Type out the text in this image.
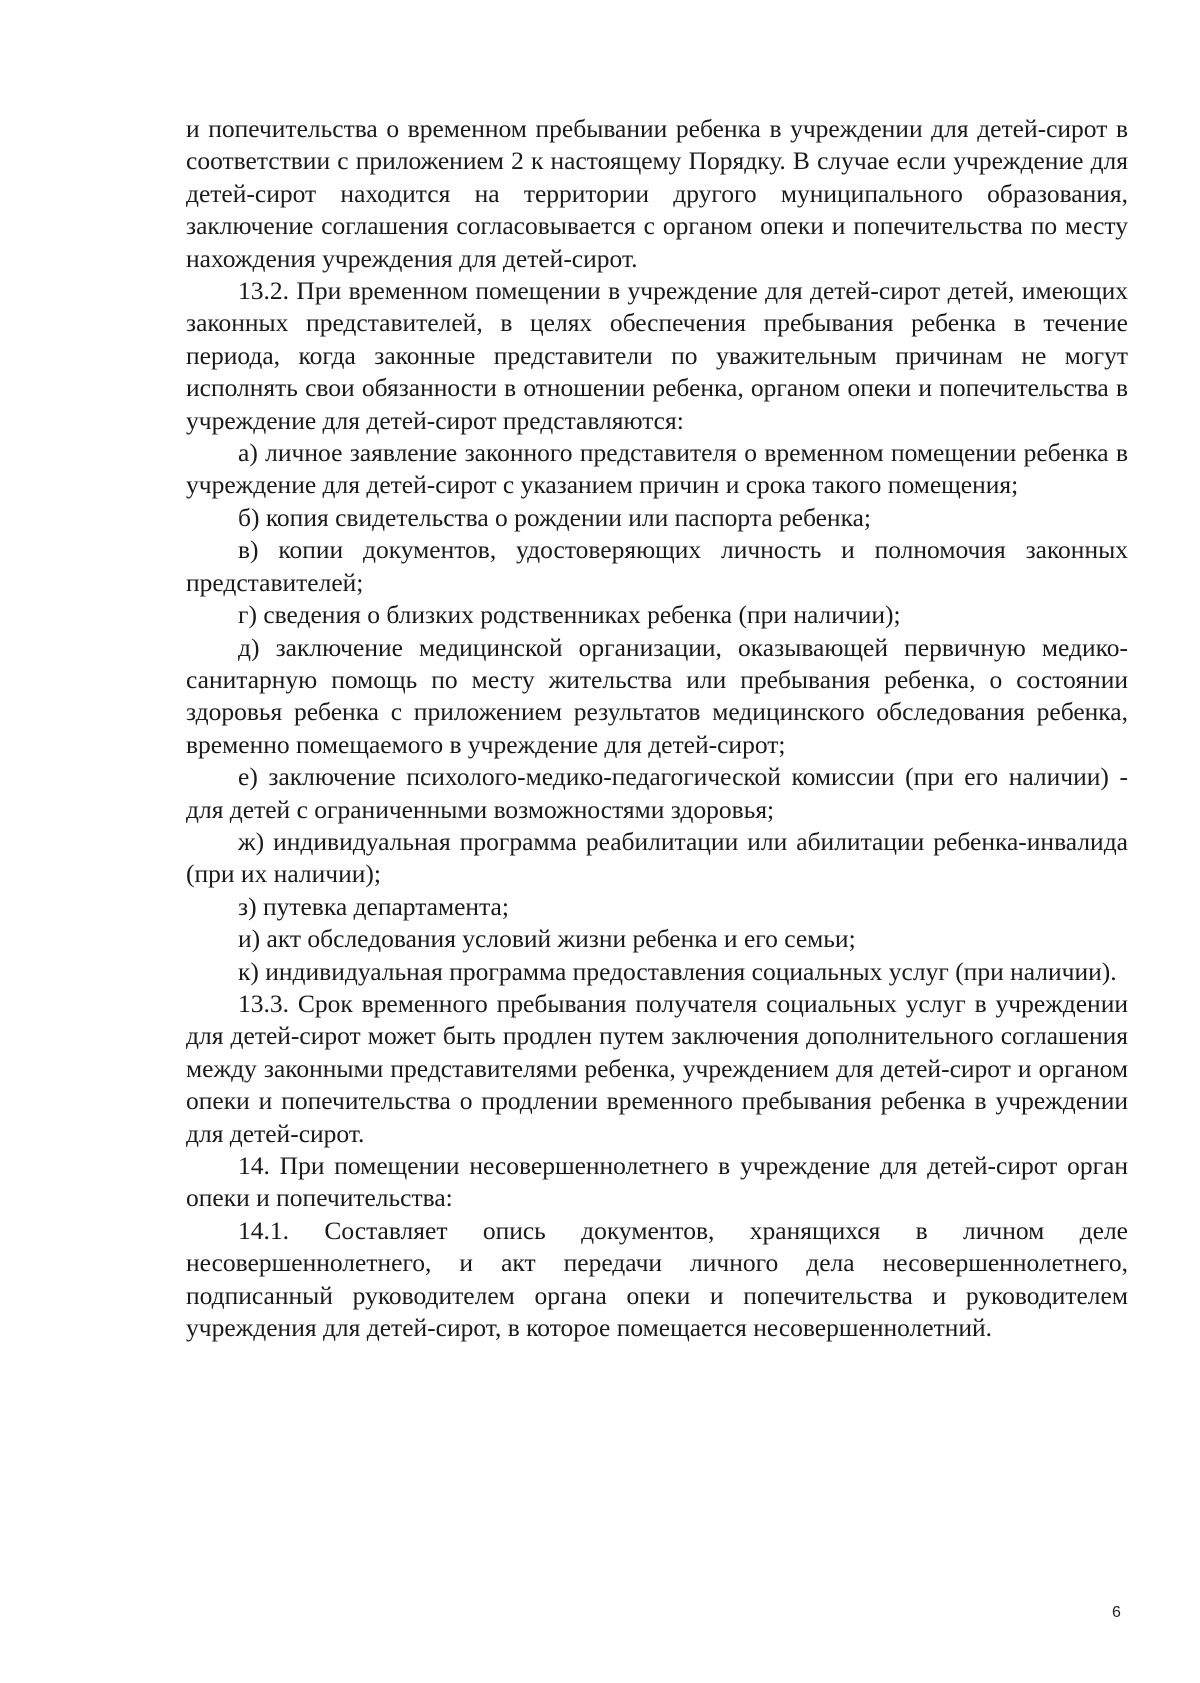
и попечительства о временном пребывании ребенка в учреждении для детей-сирот в соответствии с приложением 2 к настоящему Порядку. В случае если учреждение для детей-сирот находится на территории другого муниципального образования, заключение соглашения согласовывается с органом опеки и попечительства по месту нахождения учреждения для детей-сирот.

13.2. При временном помещении в учреждение для детей-сирот детей, имеющих законных представителей, в целях обеспечения пребывания ребенка в течение периода, когда законные представители по уважительным причинам не могут исполнять свои обязанности в отношении ребенка, органом опеки и попечительства в учреждение для детей-сирот представляются:

а) личное заявление законного представителя о временном помещении ребенка в учреждение для детей-сирот с указанием причин и срока такого помещения;

б) копия свидетельства о рождении или паспорта ребенка;

в) копии документов, удостоверяющих личность и полномочия законных представителей;

г) сведения о близких родственниках ребенка (при наличии);

д) заключение медицинской организации, оказывающей первичную медико-санитарную помощь по месту жительства или пребывания ребенка, о состоянии здоровья ребенка с приложением результатов медицинского обследования ребенка, временно помещаемого в учреждение для детей-сирот;

е) заключение психолого-медико-педагогической комиссии (при его наличии) - для детей с ограниченными возможностями здоровья;

ж) индивидуальная программа реабилитации или абилитации ребенка-инвалида (при их наличии);

з) путевка департамента;

и) акт обследования условий жизни ребенка и его семьи;

к) индивидуальная программа предоставления социальных услуг (при наличии).

13.3. Срок временного пребывания получателя социальных услуг в учреждении для детей-сирот может быть продлен путем заключения дополнительного соглашения между законными представителями ребенка, учреждением для детей-сирот и органом опеки и попечительства о продлении временного пребывания ребенка в учреждении для детей-сирот.

14. При помещении несовершеннолетнего в учреждение для детей-сирот орган опеки и попечительства:

14.1. Составляет опись документов, хранящихся в личном деле несовершеннолетнего, и акт передачи личного дела несовершеннолетнего, подписанный руководителем органа опеки и попечительства и руководителем учреждения для детей-сирот, в которое помещается несовершеннолетний.

6
